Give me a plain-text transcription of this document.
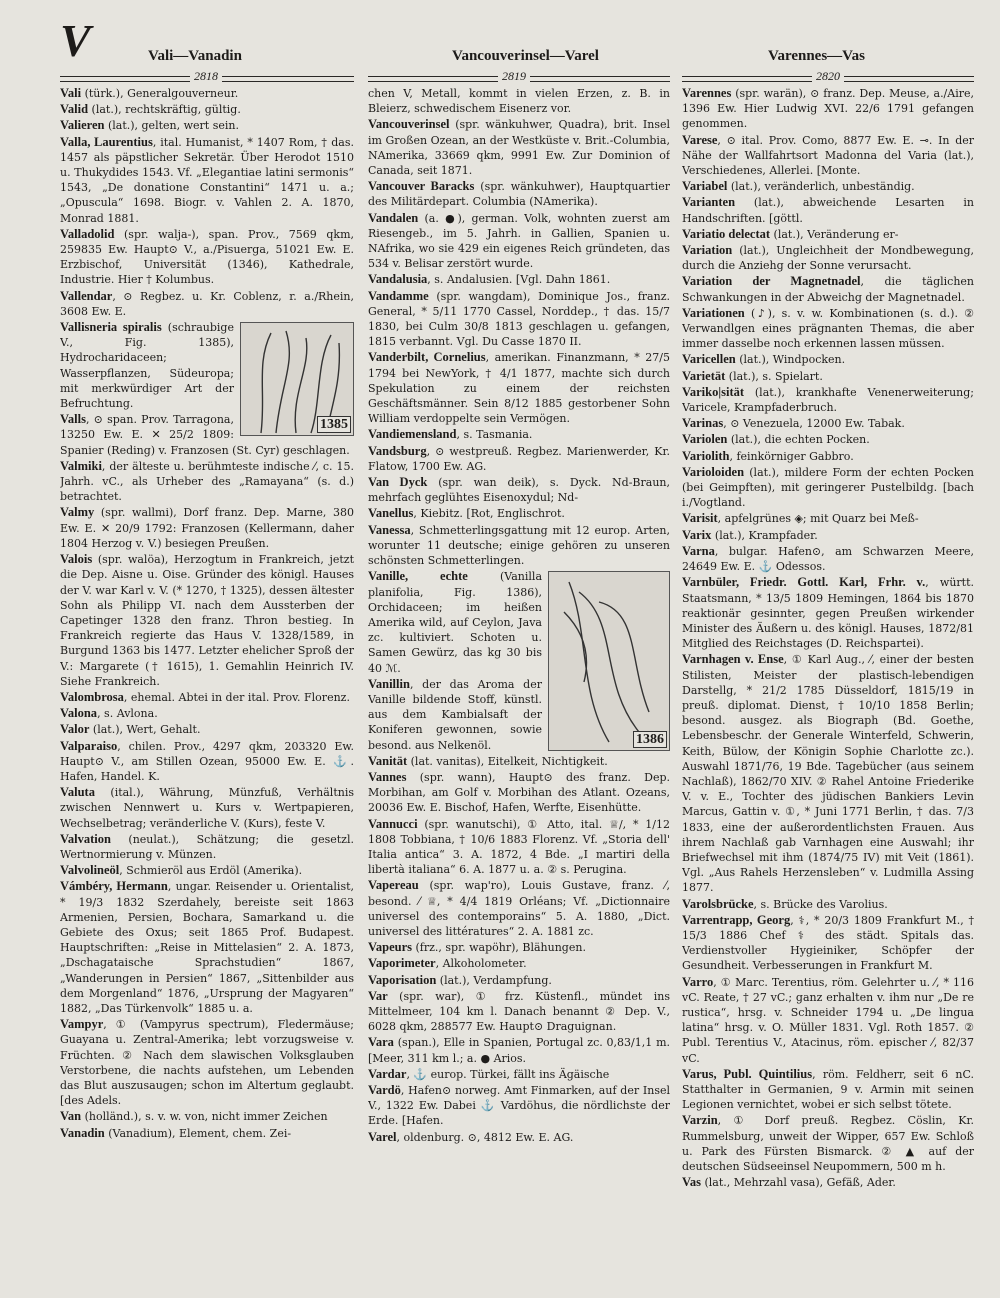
V	Vali—Vanadin	Vancouverinsel—Varel	Varennes—Vas
2818	2819	2820

Vali (türk.), Generalgouverneur.

Valid (lat.), rechtskräftig, gültig.

Valieren (lat.), gelten, wert sein.

Valla, Laurentius, ital. Humanist, * 1407 Rom, † das. 1457 als päpstlicher Sekretär. Über Herodot 1510 u. Thukydides 1543. Vf. „Elegantiae latini sermonis“ 1543, „De donatione Constantini“ 1471 u. a.; „Opuscula“ 1698. Biogr. v. Vahlen 2. A. 1870, Monrad 1881.

Valladolid (spr. walja-), span. Prov., 7569 qkm, 259835 Ew. Haupt⊙ V., a./Pisuerga, 51021 Ew. E. Erzbischof, Universität (1346), Kathedrale, Industrie. Hier † Kolumbus.

Vallendar, ⊙ Regbez. u. Kr. Coblenz, r. a./Rhein, 3608 Ew. E.

1385
Vallisneria spiralis (schraubige V., Fig. 1385), Hydrocharidaceen; Wasserpflanzen, Südeuropa; mit merkwürdiger Art der Befruchtung.

Valls, ⊙ span. Prov. Tarragona, 13250 Ew. E. ✕ 25/2 1809: Spanier (Reding) v. Franzosen (St. Cyr) geschlagen.

Valmiki, der älteste u. berühmteste indische ⁄, c. 15. Jahrh. vC., als Urheber des „Ramayana“ (s. d.) betrachtet.

Valmy (spr. wallmi), Dorf franz. Dep. Marne, 380 Ew. E. ✕ 20/9 1792: Franzosen (Kellermann, daher 1804 Herzog v. V.) besiegen Preußen.

Valois (spr. walöa), Herzogtum in Frankreich, jetzt die Dep. Aisne u. Oise. Gründer des königl. Hauses der V. war Karl v. V. (* 1270, † 1325), dessen ältester Sohn als Philipp VI. nach dem Aussterben der Capetinger 1328 den franz. Thron bestieg. In Frankreich regierte das Haus V. 1328/1589, in Burgund 1363 bis 1477. Letzter ehelicher Sproß der V.: Margarete († 1615), 1. Gemahlin Heinrich IV. Siehe Frankreich.

Valombrosa, ehemal. Abtei in der ital. Prov. Florenz.

Valona, s. Avlona.

Valor (lat.), Wert, Gehalt.

Valparaiso, chilen. Prov., 4297 qkm, 203320 Ew. Haupt⊙ V., am Stillen Ozean, 95000 Ew. E. ⚓. Hafen, Handel. K.

Valuta (ital.), Währung, Münzfuß, Verhältnis zwischen Nennwert u. Kurs v. Wertpapieren, Wechselbetrag; veränderliche V. (Kurs), feste V.

Valvation (neulat.), Schätzung; die gesetzl. Wertnormierung v. Münzen.

Valvolineöl, Schmieröl aus Erdöl (Amerika).

Vámbéry, Hermann, ungar. Reisender u. Orientalist, * 19/3 1832 Szerdahely, bereiste seit 1863 Armenien, Persien, Bochara, Samarkand u. die Gebiete des Oxus; seit 1865 Prof. Budapest. Hauptschriften: „Reise in Mittelasien“ 2. A. 1873, „Dschagataische Sprachstudien“ 1867, „Wanderungen in Persien“ 1867, „Sittenbilder aus dem Morgenland“ 1876, „Ursprung der Magyaren“ 1882, „Das Türkenvolk“ 1885 u. a.

Vampyr, ① (Vampyrus spectrum), Fledermäuse; Guayana u. Zentral-Amerika; lebt vorzugsweise v. Früchten. ② Nach dem slawischen Volksglauben Verstorbene, die nachts aufstehen, um Lebenden das Blut auszusaugen; schon im Altertum geglaubt. [des Adels.

Van (holländ.), s. v. w. von, nicht immer Zeichen

Vanadin (Vanadium), Element, chem. Zei-

chen V, Metall, kommt in vielen Erzen, z. B. in Bleierz, schwedischem Eisenerz vor.

Vancouverinsel (spr. wänkuhwer, Quadra), brit. Insel im Großen Ozean, an der Westküste v. Brit.-Columbia, NAmerika, 33669 qkm, 9991 Ew. Zur Dominion of Canada, seit 1871.

Vancouver Baracks (spr. wänkuhwer), Hauptquartier des Militärdepart. Columbia (NAmerika).

Vandalen (a. ●), german. Volk, wohnten zuerst am Riesengeb., im 5. Jahrh. in Gallien, Spanien u. NAfrika, wo sie 429 ein eigenes Reich gründeten, das 534 v. Belisar zerstört wurde.

Vandalusia, s. Andalusien. [Vgl. Dahn 1861.

Vandamme (spr. wangdam), Dominique Jos., franz. General, * 5/11 1770 Cassel, Norddep., † das. 15/7 1830, bei Culm 30/8 1813 geschlagen u. gefangen, 1815 verbannt. Vgl. Du Casse 1870 II.

Vanderbilt, Cornelius, amerikan. Finanzmann, * 27/5 1794 bei NewYork, † 4/1 1877, machte sich durch Spekulation zu einem der reichsten Geschäftsmänner. Sein 8/12 1885 gestorbener Sohn William verdoppelte sein Vermögen.

Vandiemensland, s. Tasmania.

Vandsburg, ⊙ westpreuß. Regbez. Marienwerder, Kr. Flatow, 1700 Ew. AG.

Van Dyck (spr. wan deik), s. Dyck. Nd-Braun, mehrfach geglühtes Eisenoxydul; Nd-

Vanellus, Kiebitz. [Rot, Englischrot.

Vanessa, Schmetterlingsgattung mit 12 europ. Arten, worunter 11 deutsche; einige gehören zu unseren schönsten Schmetterlingen.

1386
Vanille, echte (Vanilla planifolia, Fig. 1386), Orchidaceen; im heißen Amerika wild, auf Ceylon, Java zc. kultiviert. Schoten u. Samen Gewürz, das kg 30 bis 40 ℳ.

Vanillin, der das Aroma der Vanille bildende Stoff, künstl. aus dem Kambialsaft der Koniferen gewonnen, sowie besond. aus Nelkenöl.

Vanität (lat. vanitas), Eitelkeit, Nichtigkeit.

Vannes (spr. wann), Haupt⊙ des franz. Dep. Morbihan, am Golf v. Morbihan des Atlant. Ozeans, 20036 Ew. E. Bischof, Hafen, Werfte, Eisenhütte.

Vannucci (spr. wanutschi), ① Atto, ital. ♕/, * 1/12 1808 Tobbiana, † 10/6 1883 Florenz. Vf. „Storia dell' Italia antica“ 3. A. 1872, 4 Bde. „I martiri della libertà italiana“ 6. A. 1877 u. a. ② s. Perugina.

Vapereau (spr. wap'ro), Louis Gustave, franz. ⁄, besond. ⁄ ♕, * 4/4 1819 Orléans; Vf. „Dictionnaire universel des contemporains“ 5. A. 1880, „Dict. universel des littératures“ 2. A. 1881 zc.

Vapeurs (frz., spr. wapöhr), Blähungen.

Vaporimeter, Alkoholometer.

Vaporisation (lat.), Verdampfung.

Var (spr. war), ① frz. Küstenfl., mündet ins Mittelmeer, 104 km l. Danach benannt ② Dep. V., 6028 qkm, 288577 Ew. Haupt⊙ Draguignan.

Vara (span.), Elle in Spanien, Portugal zc. 0,83/1,1 m. [Meer, 311 km l.; a. ● Arios.

Vardar, ⚓ europ. Türkei, fällt ins Ägäische

Vardö, Hafen⊙ norweg. Amt Finmarken, auf der Insel V., 1322 Ew. Dabei ⚓ Vardöhus, die nördlichste der Erde. [Hafen.

Varel, oldenburg. ⊙, 4812 Ew. E. AG.

Varennes (spr. warän), ⊙ franz. Dep. Meuse, a./Aire, 1396 Ew. Hier Ludwig XVI. 22/6 1791 gefangen genommen.

Varese, ⊙ ital. Prov. Como, 8877 Ew. E. ⊸. In der Nähe der Wallfahrtsort Madonna del Varia (lat.), Verschiedenes, Allerlei. [Monte.

Variabel (lat.), veränderlich, unbeständig.

Varianten (lat.), abweichende Lesarten in Handschriften. [göttl.

Variatio delectat (lat.), Veränderung er-

Variation (lat.), Ungleichheit der Mondbewegung, durch die Anziehg der Sonne verursacht.

Variation der Magnetnadel, die täglichen Schwankungen in der Abweichg der Magnetnadel.

Variationen (♪), s. v. w. Kombinationen (s. d.). ② Verwandlgen eines prägnanten Themas, die aber immer dasselbe noch erkennen lassen müssen.

Varicellen (lat.), Windpocken.

Varietät (lat.), s. Spielart.

Variko|sität (lat.), krankhafte Venenerweiterung; Varicele, Krampfaderbruch.

Varinas, ⊙ Venezuela, 12000 Ew. Tabak.

Variolen (lat.), die echten Pocken.

Variolith, feinkörniger Gabbro.

Varioloiden (lat.), mildere Form der echten Pocken (bei Geimpften), mit geringerer Pustelbildg. [bach i./Vogtland.

Varisit, apfelgrünes ◈; mit Quarz bei Meß-

Varix (lat.), Krampfader.

Varna, bulgar. Hafen⊙, am Schwarzen Meere, 24649 Ew. E. ⚓ Odessos.

Varnbüler, Friedr. Gottl. Karl, Frhr. v., württ. Staatsmann, * 13/5 1809 Hemingen, 1864 bis 1870 reaktionär gesinnter, gegen Preußen wirkender Minister des Äußern u. des königl. Hauses, 1872/81 Mitglied des Reichstages (D. Reichspartei).

Varnhagen v. Ense, ① Karl Aug., ⁄, einer der besten Stilisten, Meister der plastisch-lebendigen Darstellg, * 21/2 1785 Düsseldorf, 1815/19 in preuß. diplomat. Dienst, † 10/10 1858 Berlin; besond. ausgez. als Biograph (Bd. Goethe, Lebensbeschr. der Generale Winterfeld, Schwerin, Keith, Bülow, der Königin Sophie Charlotte zc.). Auswahl 1871/76, 19 Bde. Tagebücher (aus seinem Nachlaß), 1862/70 XIV. ② Rahel Antoine Friederike V. v. E., Tochter des jüdischen Bankiers Levin Marcus, Gattin v. ①, * Juni 1771 Berlin, † das. 7/3 1833, eine der außerordentlichsten Frauen. Aus ihrem Nachlaß gab Varnhagen eine Auswahl; ihr Briefwechsel mit ihm (1874/75 IV) mit Veit (1861). Vgl. „Aus Rahels Herzensleben“ v. Ludmilla Assing 1877.

Varolsbrücke, s. Brücke des Varolius.

Varrentrapp, Georg, ⚕, * 20/3 1809 Frankfurt M., † 15/3 1886 Chef ⚕ des städt. Spitals das. Verdienstvoller Hygieiniker, Schöpfer der Gesundheit. Verbesserungen in Frankfurt M.

Varro, ① Marc. Terentius, röm. Gelehrter u. ⁄, * 116 vC. Reate, † 27 vC.; ganz erhalten v. ihm nur „De re rustica“, hrsg. v. Schneider 1794 u. „De lingua latina“ hrsg. v. O. Müller 1831. Vgl. Roth 1857. ② Publ. Terentius V., Atacinus, röm. epischer ⁄, 82/37 vC.

Varus, Publ. Quintilius, röm. Feldherr, seit 6 nC. Statthalter in Germanien, 9 v. Armin mit seinen Legionen vernichtet, wobei er sich selbst tötete.

Varzin, ① Dorf preuß. Regbez. Cöslin, Kr. Rummelsburg, unweit der Wipper, 657 Ew. Schloß u. Park des Fürsten Bismarck. ② ▲ auf der deutschen Südseeinsel Neupommern, 500 m h.

Vas (lat., Mehrzahl vasa), Gefäß, Ader.
